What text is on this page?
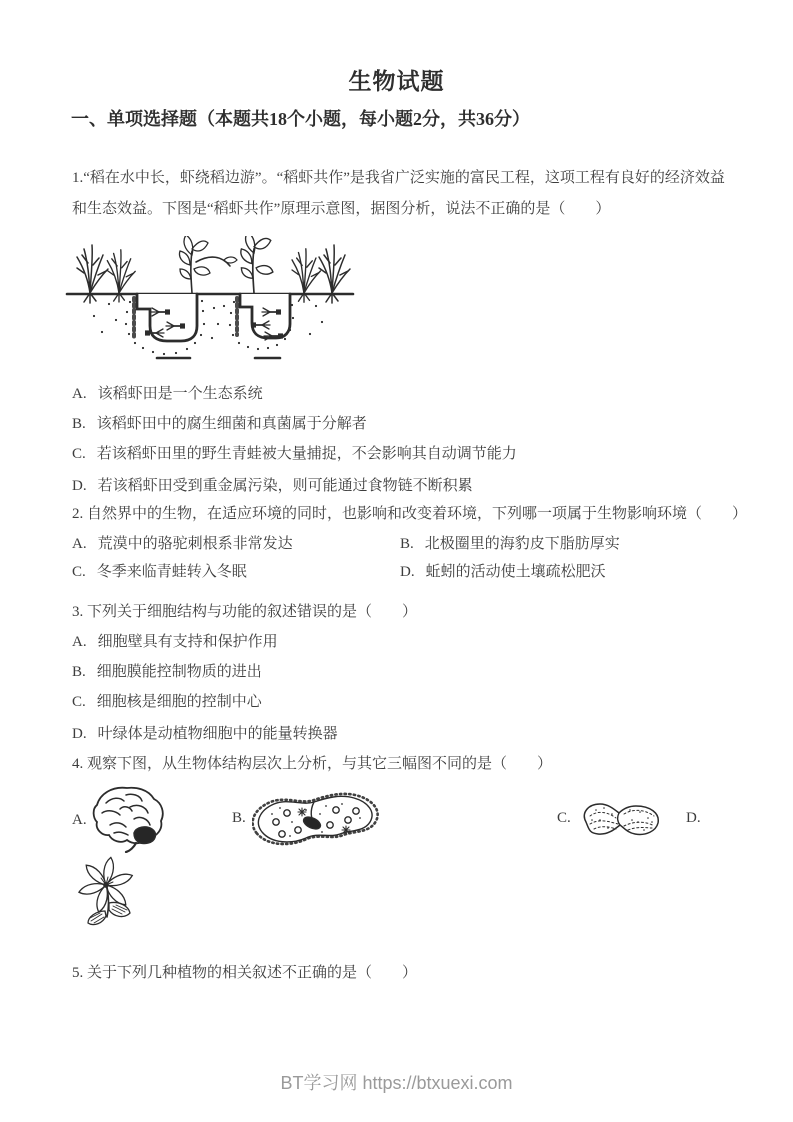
生物试题
一、单项选择题（本题共18个小题，每小题2分，共36分）
1.“稻在水中长，虾绕稻边游”。“稻虾共作”是我省广泛实施的富民工程，这项工程有良好的经济效益
和生态效益。下图是“稻虾共作”原理示意图，据图分析，说法不正确的是（　　）
A. 该稻虾田是一个生态系统
B. 该稻虾田中的腐生细菌和真菌属于分解者
C. 若该稻虾田里的野生青蛙被大量捕捉，不会影响其自动调节能力
D. 若该稻虾田受到重金属污染，则可能通过食物链不断积累
2. 自然界中的生物，在适应环境的同时，也影响和改变着环境，下列哪一项属于生物影响环境（　　）
A. 荒漠中的骆驼刺根系非常发达	B. 北极圈里的海豹皮下脂肪厚实
C. 冬季来临青蛙转入冬眠	D. 蚯蚓的活动使土壤疏松肥沃
3. 下列关于细胞结构与功能的叙述错误的是（　　）
A. 细胞壁具有支持和保护作用
B. 细胞膜能控制物质的进出
C. 细胞核是细胞的控制中心
D. 叶绿体是动植物细胞中的能量转换器
4. 观察下图，从生物体结构层次上分析，与其它三幅图不同的是（　　）
A.	B.	C.	D.
5. 关于下列几种植物的相关叙述不正确的是（　　）
BT学习网 https://btxuexi.com
